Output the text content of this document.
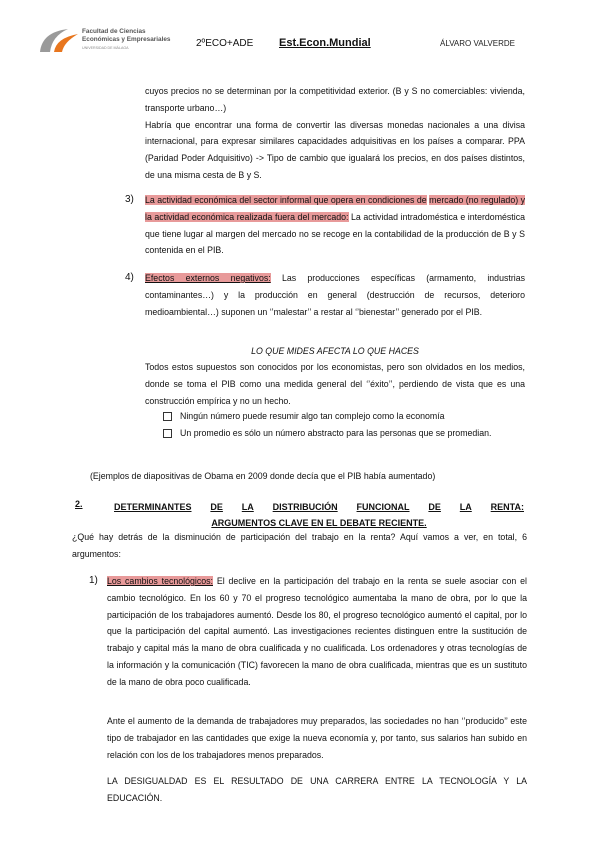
Facultad de Ciencias
Económicas y Empresariales
UNIVERSIDAD DE MÁLAGA	2ºECO+ADE Est.Econ.Mundial	ÁLVARO VALVERDE

cuyos precios no se determinan por la competitividad exterior. (B y S no comerciables: vivienda, transporte urbano…)

Habría que encontrar una forma de convertir las diversas monedas nacionales a una divisa internacional, para expresar similares capacidades adquisitivas en los países a comparar. PPA (Paridad Poder Adquisitivo) -> Tipo de cambio que igualará los precios, en dos países distintos, de una misma cesta de B y S.

3) La actividad económica del sector informal que opera en condiciones de mercado (no regulado) y la actividad económica realizada fuera del mercado: La actividad intradoméstica e interdoméstica que tiene lugar al margen del mercado no se recoge en la contabilidad de la producción de B y S contenida en el PIB.
4) Efectos externos negativos: Las producciones específicas (armamento, industrias contaminantes…) y la producción en general (destrucción de recursos, deterioro medioambiental…) suponen un ‘’malestar’’ a restar al ‘’bienestar’’ generado por el PIB.
LO QUE MIDES AFECTA LO QUE HACES
Todos estos supuestos son conocidos por los economistas, pero son olvidados en los medios, donde se toma el PIB como una medida general del ‘’éxito’’, perdiendo de vista que es una construcción empírica y no un hecho.
Ningún número puede resumir algo tan complejo como la economía
Un promedio es sólo un número abstracto para las personas que se promedian.
(Ejemplos de diapositivas de Obama en 2009 donde decía que el PIB había aumentado)
2.	DETERMINANTES DE LA DISTRIBUCIÓN FUNCIONAL DE LA RENTA:
ARGUMENTOS CLAVE EN EL DEBATE RECIENTE.
¿Qué hay detrás de la disminución de participación del trabajo en la renta? Aquí vamos a ver, en total, 6 argumentos:
1) Los cambios tecnológicos: El declive en la participación del trabajo en la renta se suele asociar con el cambio tecnológico. En los 60 y 70 el progreso tecnológico aumentaba la mano de obra, por lo que la participación de los trabajadores aumentó. Desde los 80, el progreso tecnológico aumentó el capital, por lo que la participación del capital aumentó. Las investigaciones recientes distinguen entre la sustitución de trabajo y capital más la mano de obra cualificada y no cualificada. Los ordenadores y otras tecnologías de la información y la comunicación (TIC) favorecen la mano de obra cualificada, mientras que es un sustituto de la mano de obra poco cualificada.
Ante el aumento de la demanda de trabajadores muy preparados, las sociedades no han ‘’producido’’ este tipo de trabajador en las cantidades que exige la nueva economía y, por tanto, sus salarios han subido en relación con los de los trabajadores menos preparados.
LA DESIGUALDAD ES EL RESULTADO DE UNA CARRERA ENTRE LA TECNOLOGÍA Y LA EDUCACIÓN.
